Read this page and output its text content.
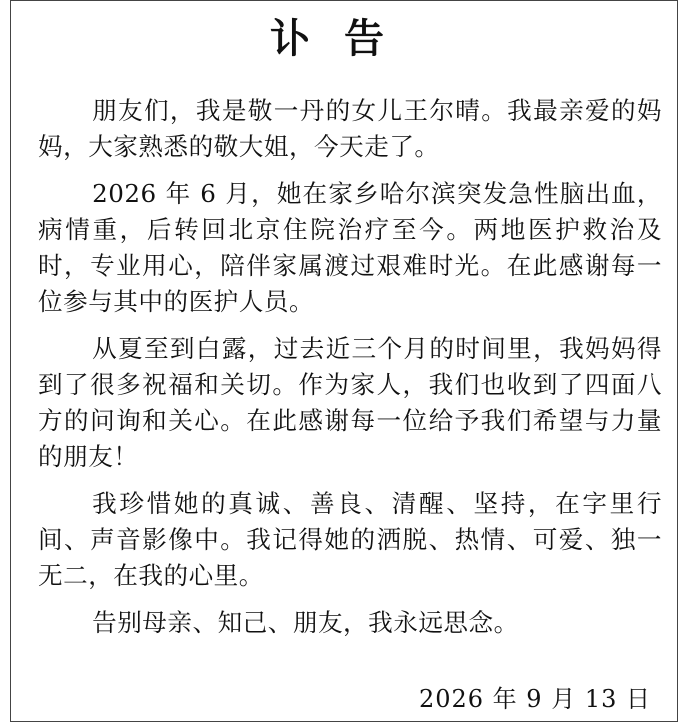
讣告

朋友们，我是敬一丹的女儿王尔晴。我最亲爱的妈妈，大家熟悉的敬大姐，今天走了。

2026 年 6 月，她在家乡哈尔滨突发急性脑出血，病情重，后转回北京住院治疗至今。两地医护救治及时，专业用心，陪伴家属渡过艰难时光。在此感谢每一位参与其中的医护人员。

从夏至到白露，过去近三个月的时间里，我妈妈得到了很多祝福和关切。作为家人，我们也收到了四面八方的问询和关心。在此感谢每一位给予我们希望与力量的朋友！

我珍惜她的真诚、善良、清醒、坚持，在字里行间、声音影像中。我记得她的洒脱、热情、可爱、独一无二，在我的心里。

告别母亲、知己、朋友，我永远思念。

2026 年 9 月 13 日
